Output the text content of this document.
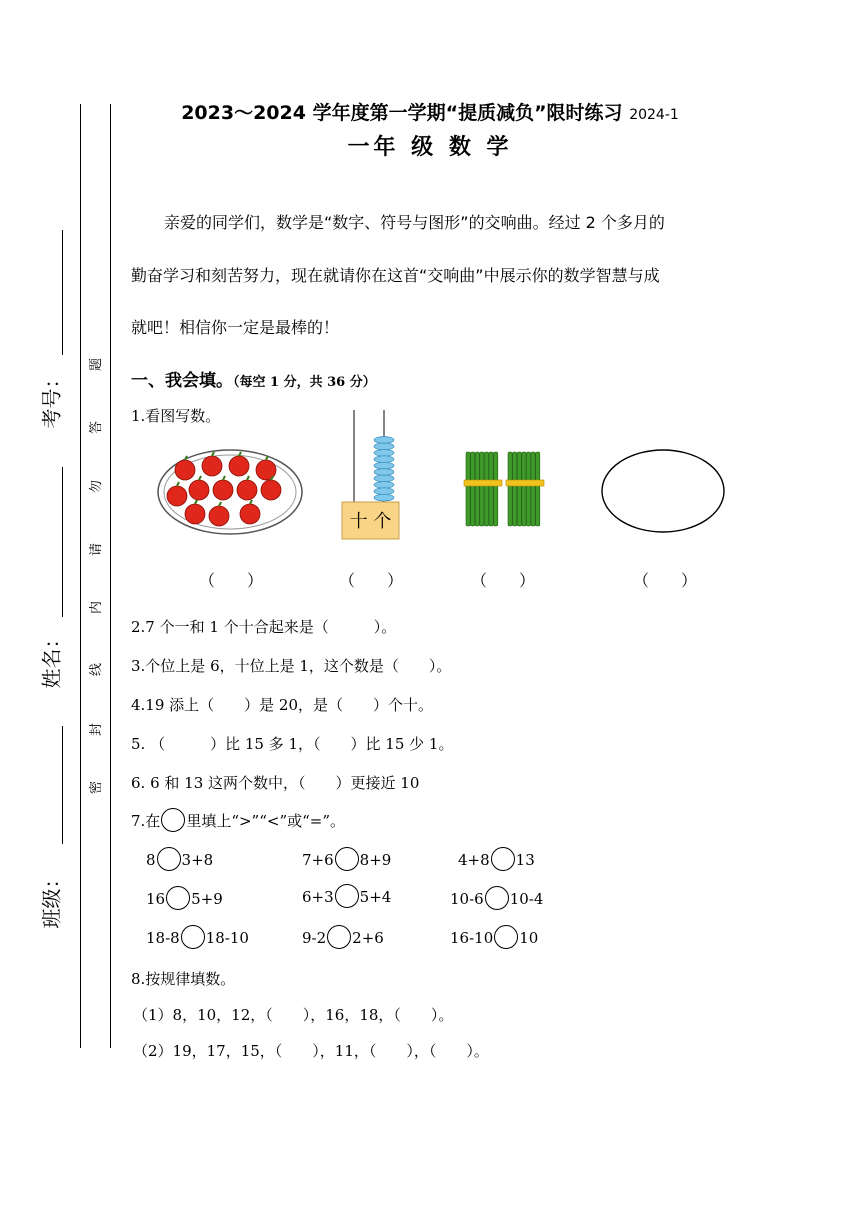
考号：
姓名：
班级：
题
答
勿
请
内
线
封
密
2023～2024 学年度第一学期“提质减负”限时练习 2024-1
一年 级 数 学
亲爱的同学们，数学是“数字、符号与图形”的交响曲。经过 2 个多月的
勤奋学习和刻苦努力，现在就请你在这首“交响曲”中展示你的数学智慧与成
就吧！相信你一定是最棒的！
一、我会填。（每空 1 分，共 36 分）
1.看图写数。
十 个
（　　）	（　　）	（　　）	（　　）
2.7 个一和 1 个十合起来是（　　　）。
3.个位上是 6，十位上是 1，这个数是（　　）。
4.19 添上（　　）是 20，是（　　）个十。
5. （　　　）比 15 多 1，（　　）比 15 少 1。
6. 6 和 13 这两个数中，（　　）更接近 10
7.在 里填上“>”“<”或“=”。
8 3+8	7+6 8+9	4+8 13
16 5+9	6+3 5+4	10-6 10-4
18-8 18-10	9-2 2+6	16-10 10
8.按规律填数。
（1）8，10，12，（　　），16，18，（　　）。
（2）19，17，15，（　　），11，（　　），（　　）。
